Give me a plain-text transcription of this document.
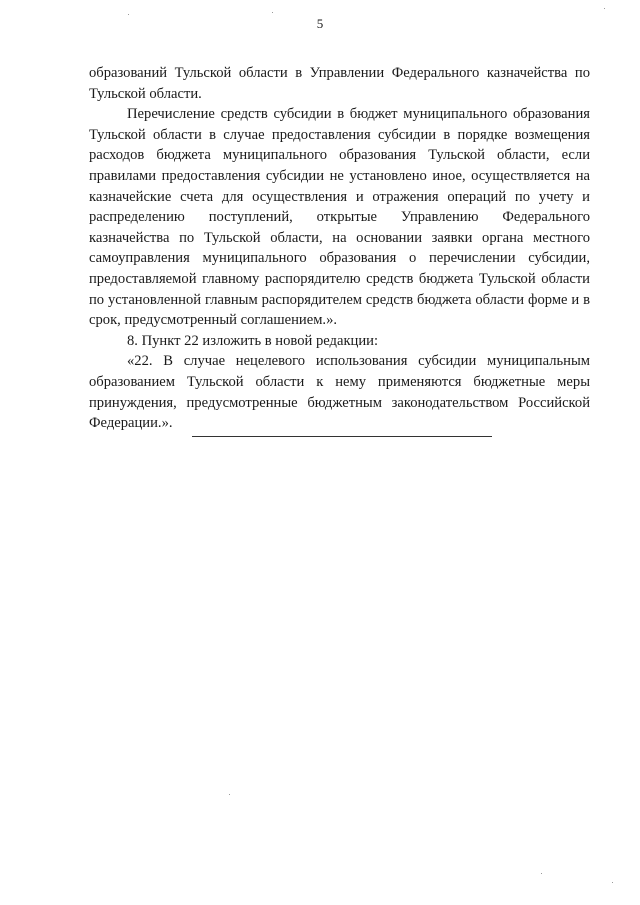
5

образований Тульской области в Управлении Федерального казначейства по Тульской области.

Перечисление средств субсидии в бюджет муниципального образования Тульской области в случае предоставления субсидии в порядке возмещения расходов бюджета муниципального образования Тульской области, если правилами предоставления субсидии не установлено иное, осуществляется на казначейские счета для осуществления и отражения операций по учету и распределению поступлений, открытые Управлению Федерального казначейства по Тульской области, на основании заявки органа местного самоуправления муниципального образования о перечислении субсидии, предоставляемой главному распорядителю средств бюджета Тульской области по установленной главным распорядителем средств бюджета области форме и в срок, предусмотренный соглашением.».

8. Пункт 22 изложить в новой редакции:

«22. В случае нецелевого использования субсидии муниципальным образованием Тульской области к нему применяются бюджетные меры принуждения, предусмотренные бюджетным законодательством Российской Федерации.».
